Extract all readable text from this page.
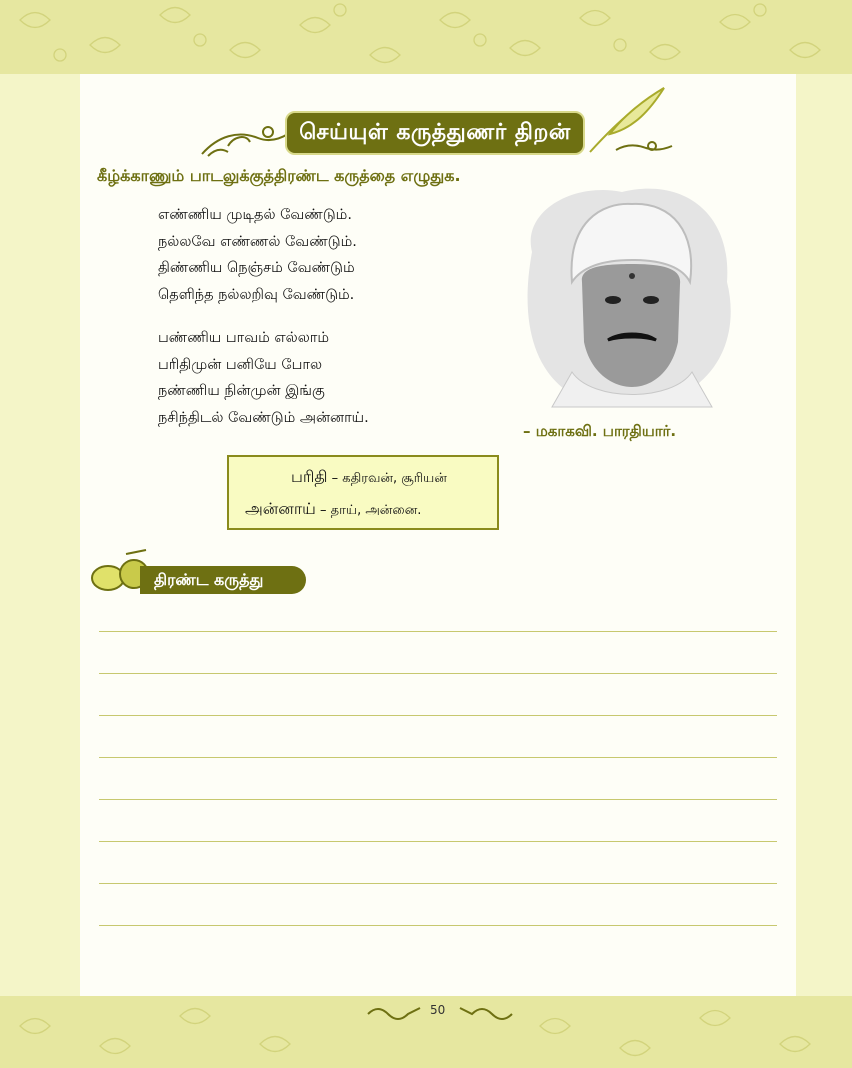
செய்யுள் கருத்துணர் திறன்
கீழ்க்காணும் பாடலுக்குத்திரண்ட கருத்தை எழுதுக.
எண்ணிய முடிதல் வேண்டும்.
நல்லவே எண்ணல் வேண்டும்.
திண்ணிய நெஞ்சம் வேண்டும்
தெளிந்த நல்லறிவு வேண்டும்.
பண்ணிய பாவம் எல்லாம்
பரிதிமுன் பனியே போல
நண்ணிய நின்முன் இங்கு
நசிந்திடல் வேண்டும் அன்னாய்.
– மகாகவி. பாரதியார்.
பரிதி – கதிரவன், சூரியன்
அன்னாய் – தாய், அன்னை.
திரண்ட கருத்து
50
